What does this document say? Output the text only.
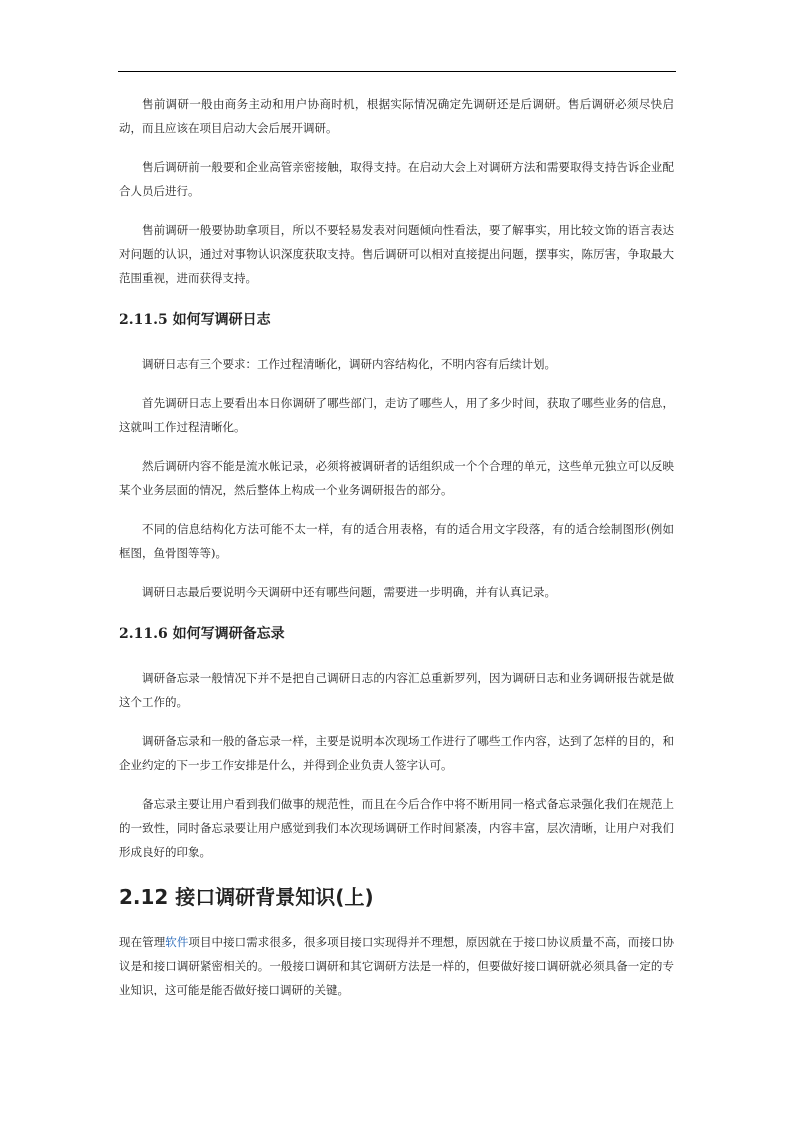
售前调研一般由商务主动和用户协商时机，根据实际情况确定先调研还是后调研。售后调研必须尽快启动，而且应该在项目启动大会后展开调研。

售后调研前一般要和企业高管亲密接触，取得支持。在启动大会上对调研方法和需要取得支持告诉企业配合人员后进行。

售前调研一般要协助拿项目，所以不要轻易发表对问题倾向性看法，要了解事实，用比较文饰的语言表达对问题的认识，通过对事物认识深度获取支持。售后调研可以相对直接提出问题，摆事实，陈厉害，争取最大范围重视，进而获得支持。

2.11.5 如何写调研日志

调研日志有三个要求：工作过程清晰化，调研内容结构化，不明内容有后续计划。

首先调研日志上要看出本日你调研了哪些部门，走访了哪些人，用了多少时间，获取了哪些业务的信息，这就叫工作过程清晰化。

然后调研内容不能是流水帐记录，必须将被调研者的话组织成一个个合理的单元，这些单元独立可以反映某个业务层面的情况，然后整体上构成一个业务调研报告的部分。

不同的信息结构化方法可能不太一样，有的适合用表格，有的适合用文字段落，有的适合绘制图形(例如框图，鱼骨图等等)。

调研日志最后要说明今天调研中还有哪些问题，需要进一步明确，并有认真记录。

2.11.6 如何写调研备忘录

调研备忘录一般情况下并不是把自己调研日志的内容汇总重新罗列，因为调研日志和业务调研报告就是做这个工作的。

调研备忘录和一般的备忘录一样，主要是说明本次现场工作进行了哪些工作内容，达到了怎样的目的，和企业约定的下一步工作安排是什么，并得到企业负责人签字认可。

备忘录主要让用户看到我们做事的规范性，而且在今后合作中将不断用同一格式备忘录强化我们在规范上的一致性，同时备忘录要让用户感觉到我们本次现场调研工作时间紧凑，内容丰富，层次清晰，让用户对我们形成良好的印象。

2.12 接口调研背景知识(上)

现在管理软件项目中接口需求很多，很多项目接口实现得并不理想，原因就在于接口协议质量不高，而接口协议是和接口调研紧密相关的。一般接口调研和其它调研方法是一样的，但要做好接口调研就必须具备一定的专业知识，这可能是能否做好接口调研的关键。
